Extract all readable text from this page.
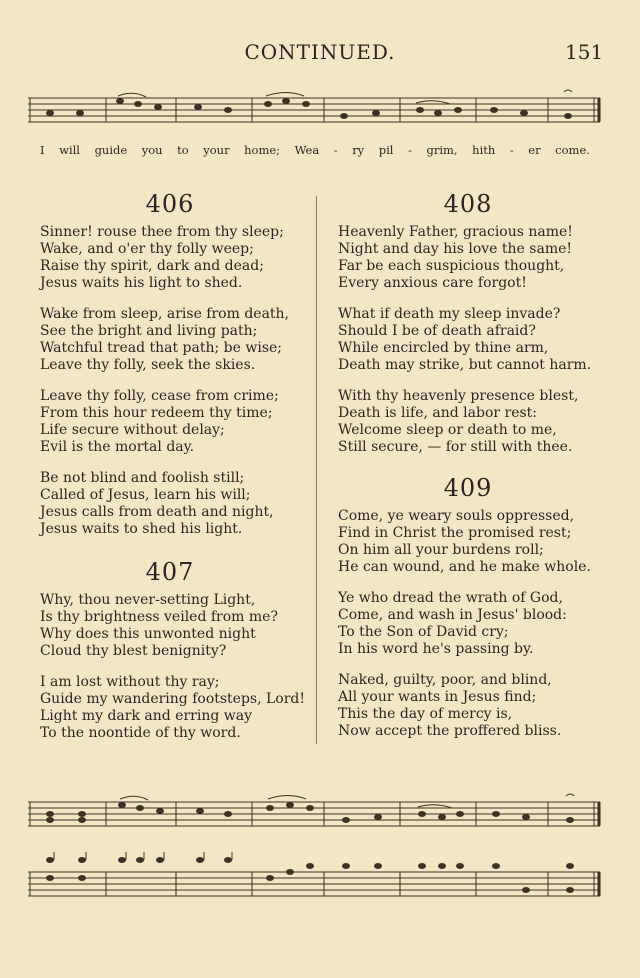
CONTINUED.	151
I will guide you to your home; Wea - ry pil - grim, hith - er come.
406
Sinner! rouse thee from thy sleep;
Wake, and o'er thy folly weep;
Raise thy spirit, dark and dead;
Jesus waits his light to shed.
Wake from sleep, arise from death,
See the bright and living path;
Watchful tread that path; be wise;
Leave thy folly, seek the skies.
Leave thy folly, cease from crime;
From this hour redeem thy time;
Life secure without delay;
Evil is the mortal day.
Be not blind and foolish still;
Called of Jesus, learn his will;
Jesus calls from death and night,
Jesus waits to shed his light.
407
Why, thou never-setting Light,
Is thy brightness veiled from me?
Why does this unwonted night
Cloud thy blest benignity?
I am lost without thy ray;
Guide my wandering footsteps, Lord!
Light my dark and erring way
To the noontide of thy word.
408
Heavenly Father, gracious name!
Night and day his love the same!
Far be each suspicious thought,
Every anxious care forgot!
What if death my sleep invade?
Should I be of death afraid?
While encircled by thine arm,
Death may strike, but cannot harm.
With thy heavenly presence blest,
Death is life, and labor rest:
Welcome sleep or death to me,
Still secure, — for still with thee.
409
Come, ye weary souls oppressed,
Find in Christ the promised rest;
On him all your burdens roll;
He can wound, and he make whole.
Ye who dread the wrath of God,
Come, and wash in Jesus' blood:
To the Son of David cry;
In his word he's passing by.
Naked, guilty, poor, and blind,
All your wants in Jesus find;
This the day of mercy is,
Now accept the proffered bliss.
